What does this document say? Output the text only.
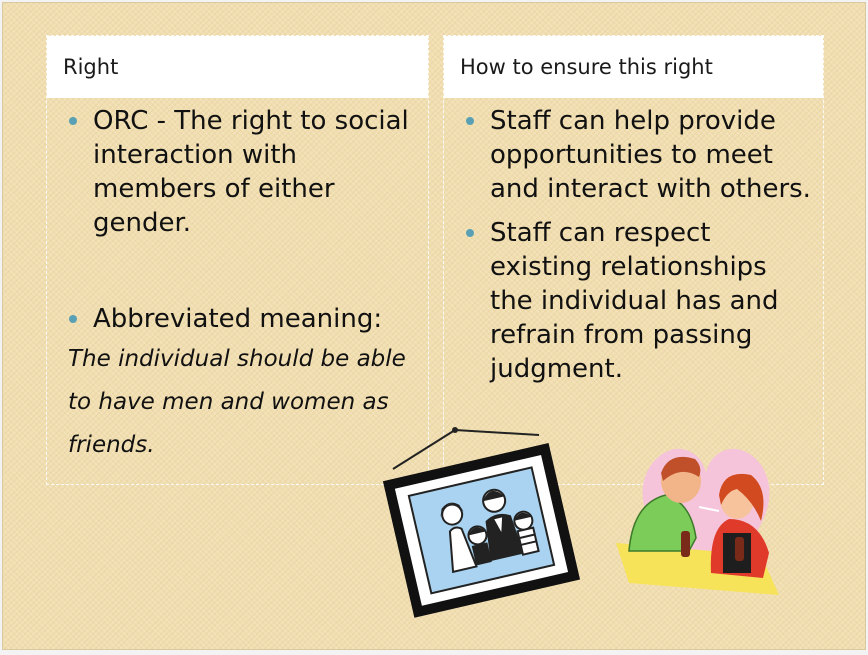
Right
ORC - The right to social interaction with members of either gender.
Abbreviated meaning:
The individual should be able to have men and women as friends.
How to ensure this right
Staff can help provide opportunities to meet and interact with others.
Staff can respect existing relationships the individual has and refrain from passing judgment.
